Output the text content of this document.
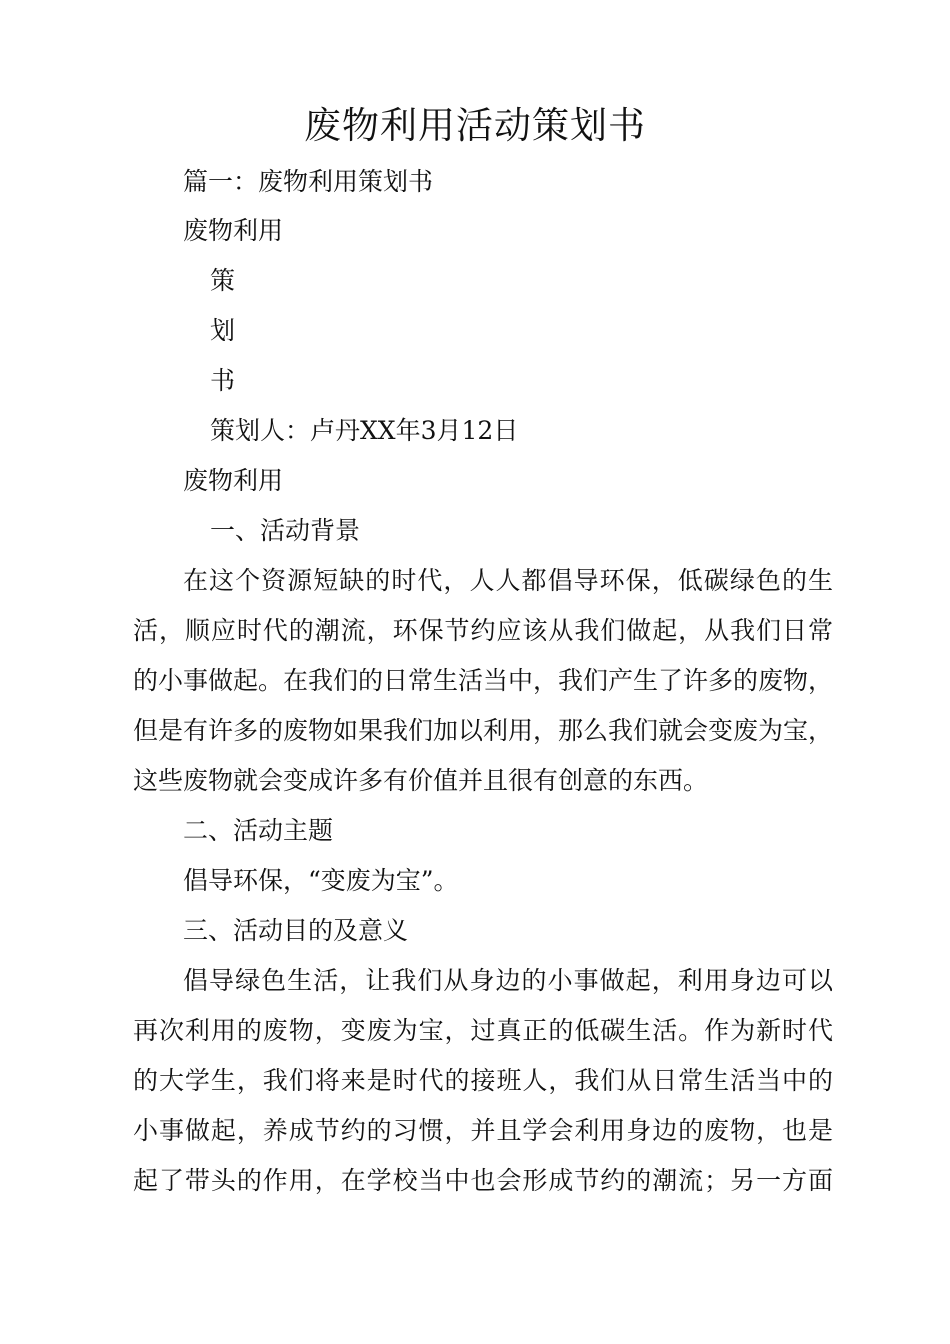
废物利用活动策划书

篇一：废物利用策划书

废物利用

策

划

书

策划人：卢丹XX年3月12日

废物利用

一、活动背景

在这个资源短缺的时代，人人都倡导环保，低碳绿色的生

活，顺应时代的潮流，环保节约应该从我们做起，从我们日常

的小事做起。在我们的日常生活当中，我们产生了许多的废物，

但是有许多的废物如果我们加以利用，那么我们就会变废为宝，

这些废物就会变成许多有价值并且很有创意的东西。

二、活动主题

倡导环保，“变废为宝”。

三、活动目的及意义

倡导绿色生活，让我们从身边的小事做起，利用身边可以

再次利用的废物，变废为宝，过真正的低碳生活。作为新时代

的大学生，我们将来是时代的接班人，我们从日常生活当中的

小事做起，养成节约的习惯，并且学会利用身边的废物，也是

起了带头的作用，在学校当中也会形成节约的潮流；另一方面
